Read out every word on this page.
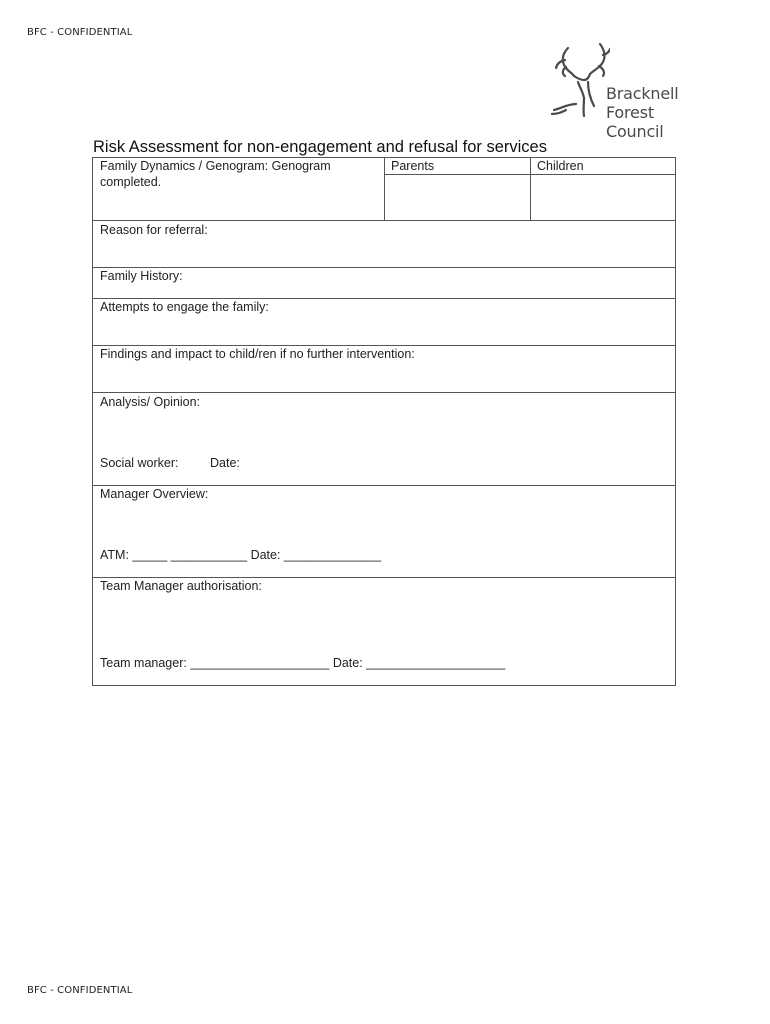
BFC - CONFIDENTIAL
Bracknell
Forest
Council
Risk Assessment for non-engagement and refusal for services
Family Dynamics / Genogram: Genogram
completed.
Parents	Children
Reason for referral:
Family History:
Attempts to engage the family:
Findings and impact to child/ren if no further intervention:
Analysis/ Opinion:
Social worker:	Date:
Manager Overview:
ATM: _____ ___________ Date: ______________
Team Manager authorisation:
Team manager: ____________________ Date: ____________________
BFC - CONFIDENTIAL
